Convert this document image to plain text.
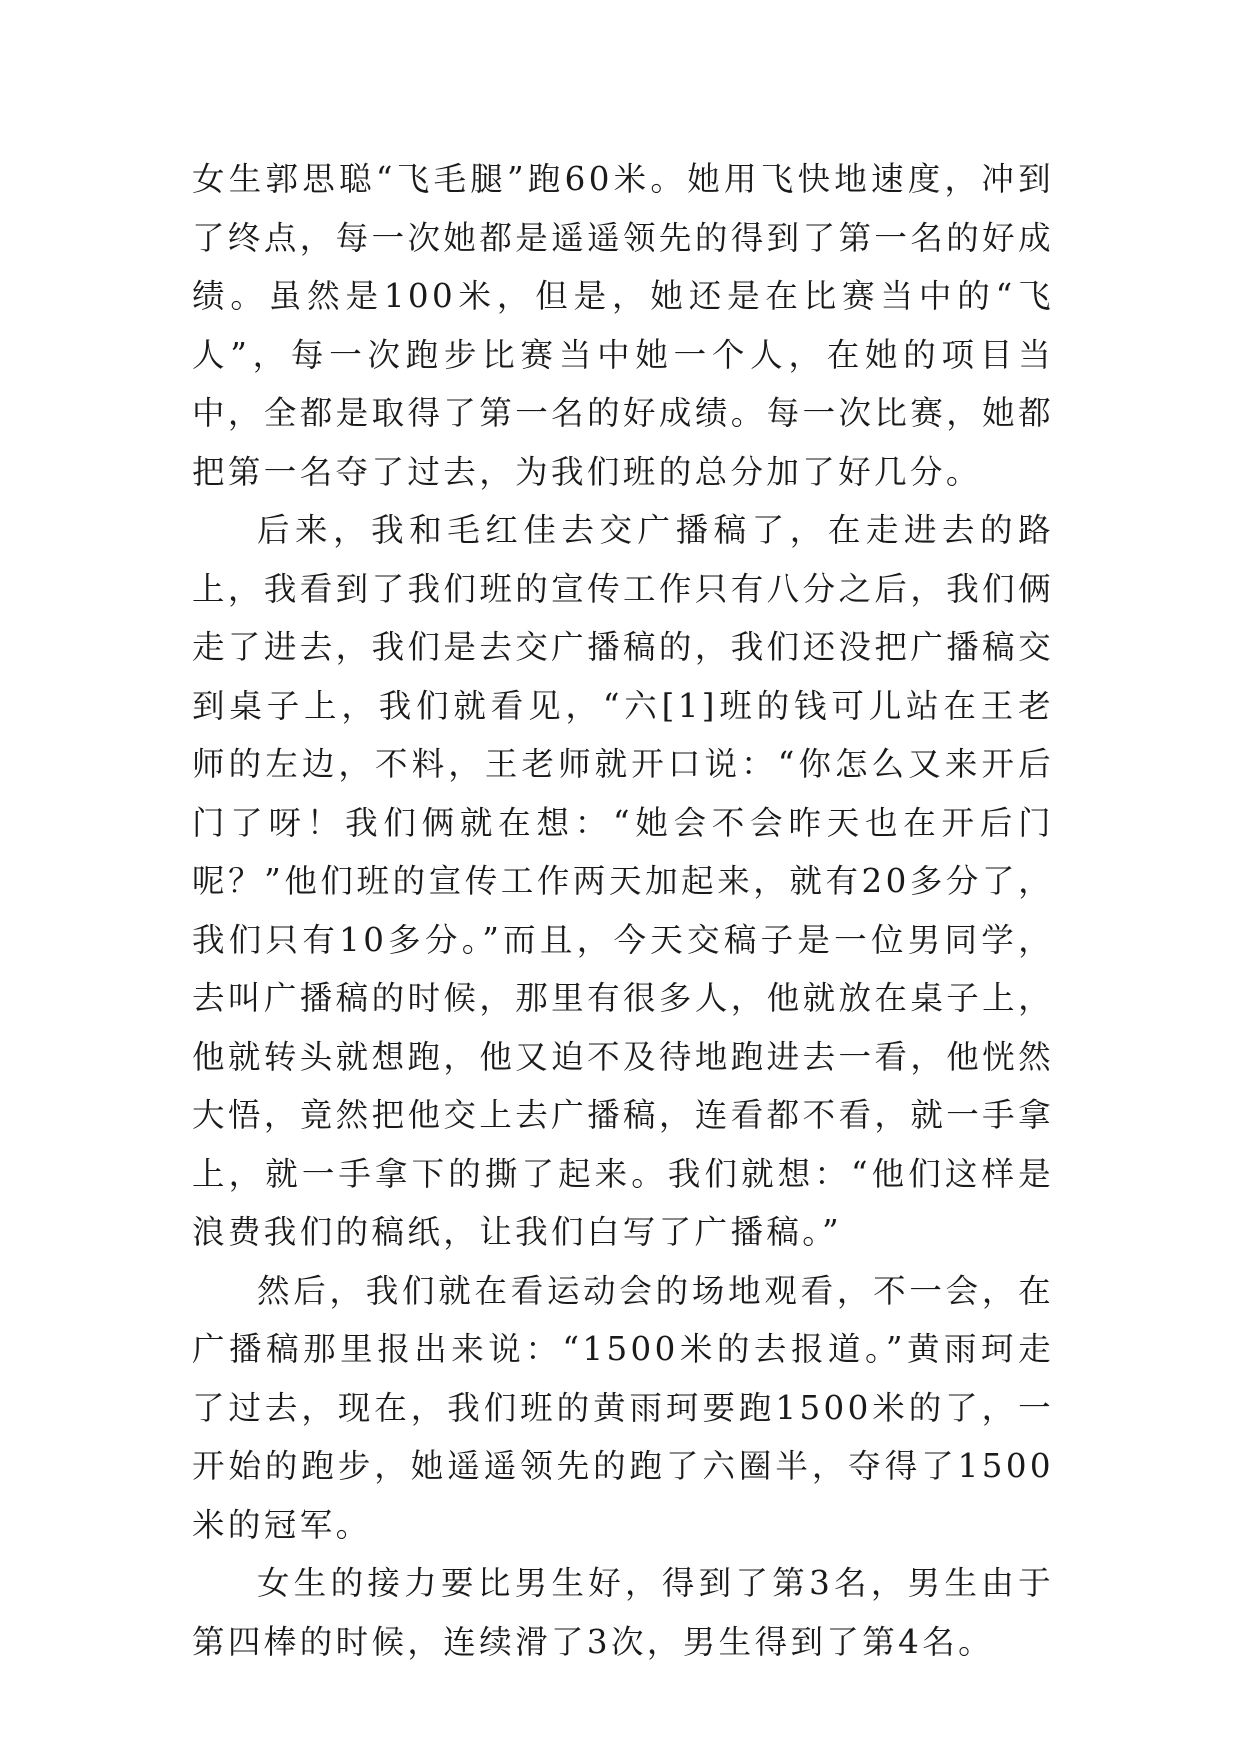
女生郭思聪“飞毛腿”跑60米。她用飞快地速度，冲到了终点，每一次她都是遥遥领先的得到了第一名的好成绩。虽然是100米，但是，她还是在比赛当中的“飞人”，每一次跑步比赛当中她一个人，在她的项目当中，全都是取得了第一名的好成绩。每一次比赛，她都把第一名夺了过去，为我们班的总分加了好几分。

后来，我和毛红佳去交广播稿了，在走进去的路上，我看到了我们班的宣传工作只有八分之后，我们俩走了进去，我们是去交广播稿的，我们还没把广播稿交到桌子上，我们就看见，“六[1]班的钱可儿站在王老师的左边，不料，王老师就开口说：“你怎么又来开后门了呀！我们俩就在想：“她会不会昨天也在开后门呢？”他们班的宣传工作两天加起来，就有20多分了，我们只有10多分。”而且，今天交稿子是一位男同学，去叫广播稿的时候，那里有很多人，他就放在桌子上，他就转头就想跑，他又迫不及待地跑进去一看，他恍然大悟，竟然把他交上去广播稿，连看都不看，就一手拿上，就一手拿下的撕了起来。我们就想：“他们这样是浪费我们的稿纸，让我们白写了广播稿。”

然后，我们就在看运动会的场地观看，不一会，在广播稿那里报出来说：“1500米的去报道。”黄雨珂走了过去，现在，我们班的黄雨珂要跑1500米的了，一开始的跑步，她遥遥领先的跑了六圈半，夺得了1500米的冠军。

女生的接力要比男生好，得到了第3名，男生由于第四棒的时候，连续滑了3次，男生得到了第4名。
